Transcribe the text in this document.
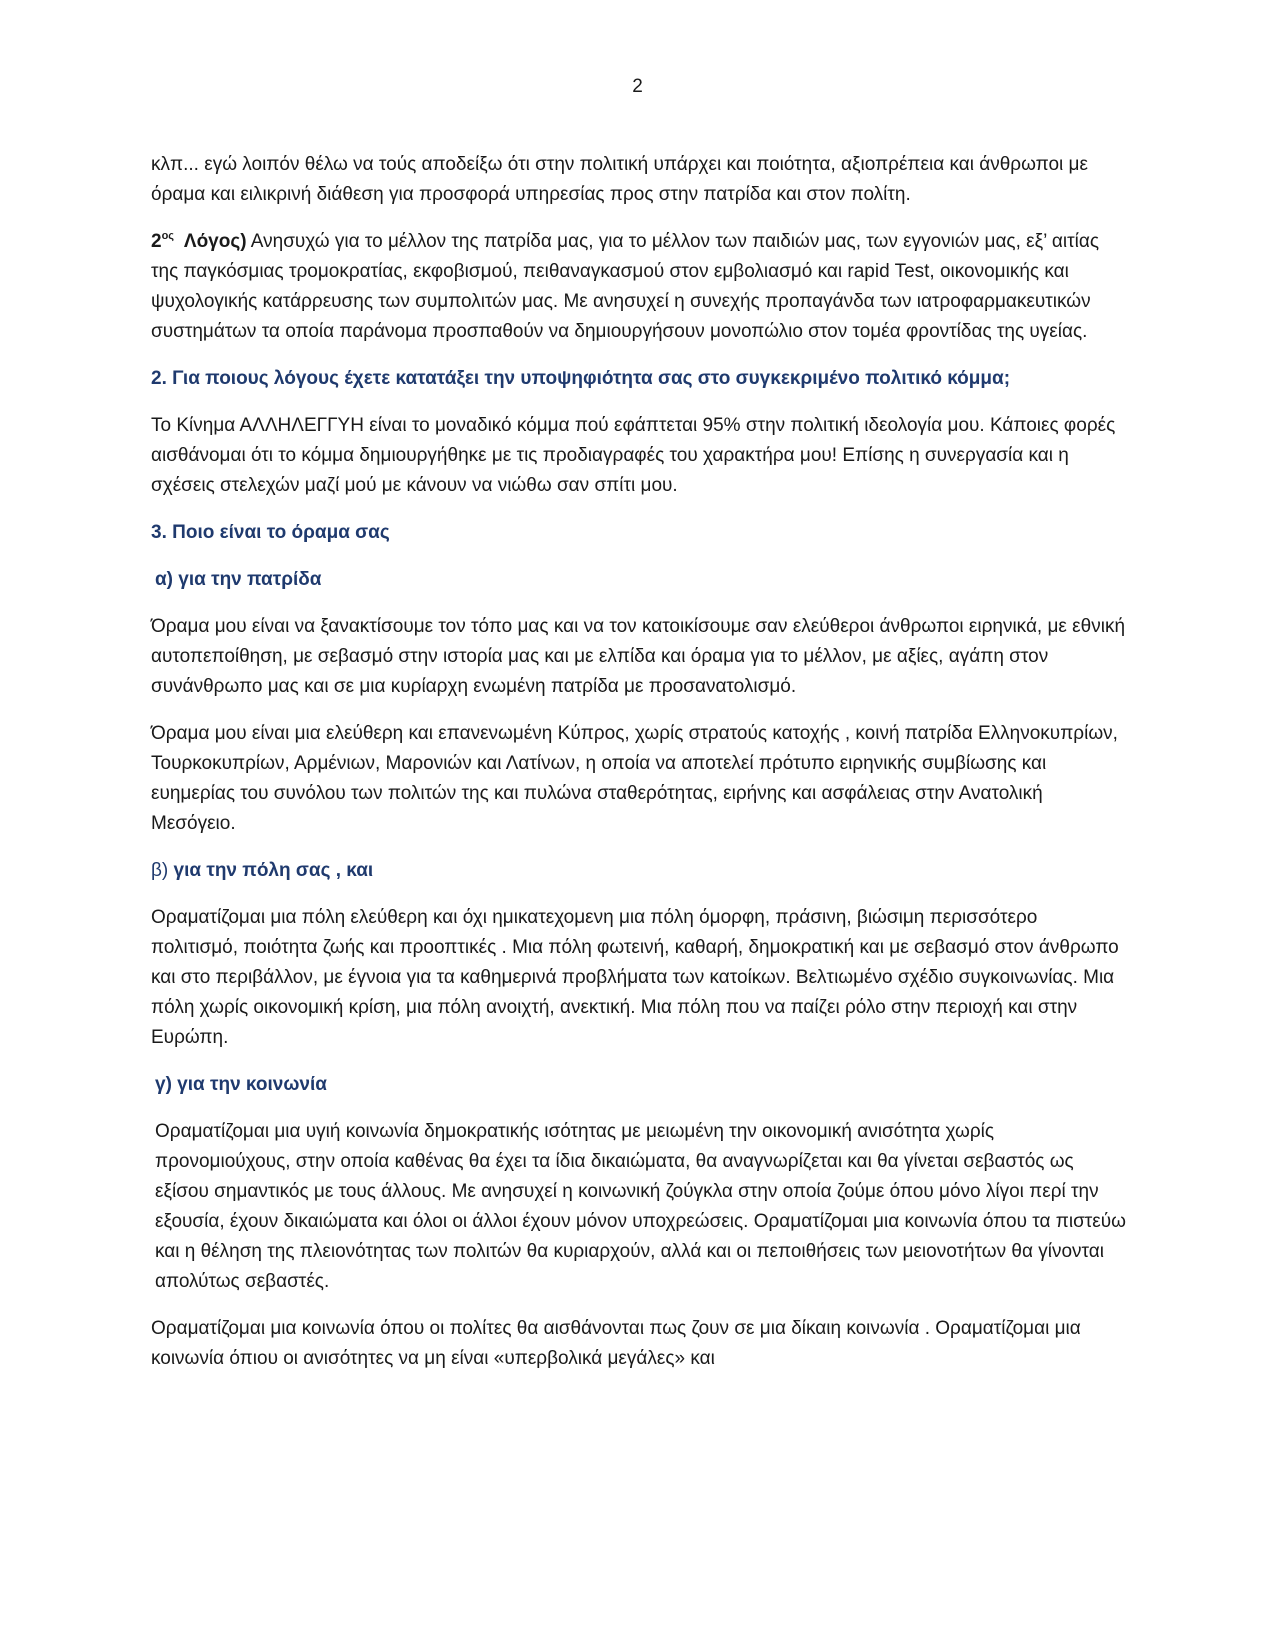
2

κλπ... εγώ λοιπόν θέλω να τούς αποδείξω ότι στην πολιτική υπάρχει και ποιότητα, αξιοπρέπεια και άνθρωποι με όραμα και ειλικρινή διάθεση για προσφορά υπηρεσίας προς στην πατρίδα και στον πολίτη.

$2^{o\varsigma}$ Λόγος) Ανησυχώ για το μέλλον της πατρίδα μας, για το μέλλον των παιδιών μας, των εγγονιών μας, εξ’ αιτίας της παγκόσμιας τρομοκρατίας, εκφοβισμού, πειθαναγκασμού στον εμβολιασμό και rapid Test, οικονομικής και ψυχολογικής κατάρρευσης των συμπολιτών μας. Με ανησυχεί η συνεχής προπαγάνδα των ιατροφαρμακευτικών συστημάτων τα οποία παράνομα προσπαθούν να δημιουργήσουν μονοπώλιο στον τομέα φροντίδας της υγείας.

2. Για ποιους λόγους έχετε κατατάξει την υποψηφιότητα σας στο συγκεκριμένο πολιτικό κόμμα;

Το Κίνημα ΑΛΛΗΛΕΓΓΥΗ είναι το μοναδικό κόμμα πού εφάπτεται 95% στην πολιτική ιδεολογία μου. Κάποιες φορές αισθάνομαι ότι το κόμμα δημιουργήθηκε με τις προδιαγραφές του χαρακτήρα μου! Επίσης η συνεργασία και η σχέσεις στελεχών μαζί μού με κάνουν να νιώθω σαν σπίτι μου.

3. Ποιο είναι το όραμα σας

α) για την πατρίδα

Όραμα μου είναι να ξανακτίσουμε τον τόπο μας και να τον κατοικίσουμε σαν ελεύθεροι άνθρωποι ειρηνικά, με εθνική αυτοπεποίθηση, με σεβασμό στην ιστορία μας και με ελπίδα και όραμα για το μέλλον, με αξίες, αγάπη στον συνάνθρωπο μας και σε μια κυρίαρχη ενωμένη πατρίδα με προσανατολισμό.

Όραμα μου είναι μια ελεύθερη και επανενωμένη Κύπρος, χωρίς στρατούς κατοχής , κοινή πατρίδα Ελληνοκυπρίων, Τουρκοκυπρίων, Αρμένιων, Μαρονιών και Λατίνων, η οποία να αποτελεί πρότυπο ειρηνικής συμβίωσης και ευημερίας του συνόλου των πολιτών της και πυλώνα σταθερότητας, ειρήνης και ασφάλειας στην Ανατολική Μεσόγειο.

β) για την πόλη σας , και

Οραματίζομαι μια πόλη ελεύθερη και όχι ημικατεχομενη μια πόλη όμορφη, πράσινη, βιώσιμη περισσότερο πολιτισμό, ποιότητα ζωής και προοπτικές . Μια πόλη φωτεινή, καθαρή, δημοκρατική και με σεβασμό στον άνθρωπο και στο περιβάλλον, με έγνοια για τα καθημερινά προβλήματα των κατοίκων. Βελτιωμένο σχέδιο συγκοινωνίας. Μια πόλη χωρίς οικονομική κρίση, μια πόλη ανοιχτή, ανεκτική. Μια πόλη που να παίζει ρόλο στην περιοχή και στην Ευρώπη.

γ) για την κοινωνία

Οραματίζομαι μια υγιή κοινωνία δημοκρατικής ισότητας με μειωμένη την οικονομική ανισότητα χωρίς προνομιούχους, στην οποία καθένας θα έχει τα ίδια δικαιώματα, θα αναγνωρίζεται και θα γίνεται σεβαστός ως εξίσου σημαντικός με τους άλλους. Με ανησυχεί η κοινωνική ζούγκλα στην οποία ζούμε όπου μόνο λίγοι περί την εξουσία, έχουν δικαιώματα και όλοι οι άλλοι έχουν μόνον υποχρεώσεις. Οραματίζομαι μια κοινωνία όπου τα πιστεύω και η θέληση της πλειονότητας των πολιτών θα κυριαρχούν, αλλά και οι πεποιθήσεις των μειονοτήτων θα γίνονται απολύτως σεβαστές.

Οραματίζομαι μια κοινωνία όπου οι πολίτες θα αισθάνονται πως ζουν σε μια δίκαιη κοινωνία . Οραματίζομαι μια κοινωνία όπιου οι ανισότητες να μη είναι «υπερβολικά μεγάλες» και
